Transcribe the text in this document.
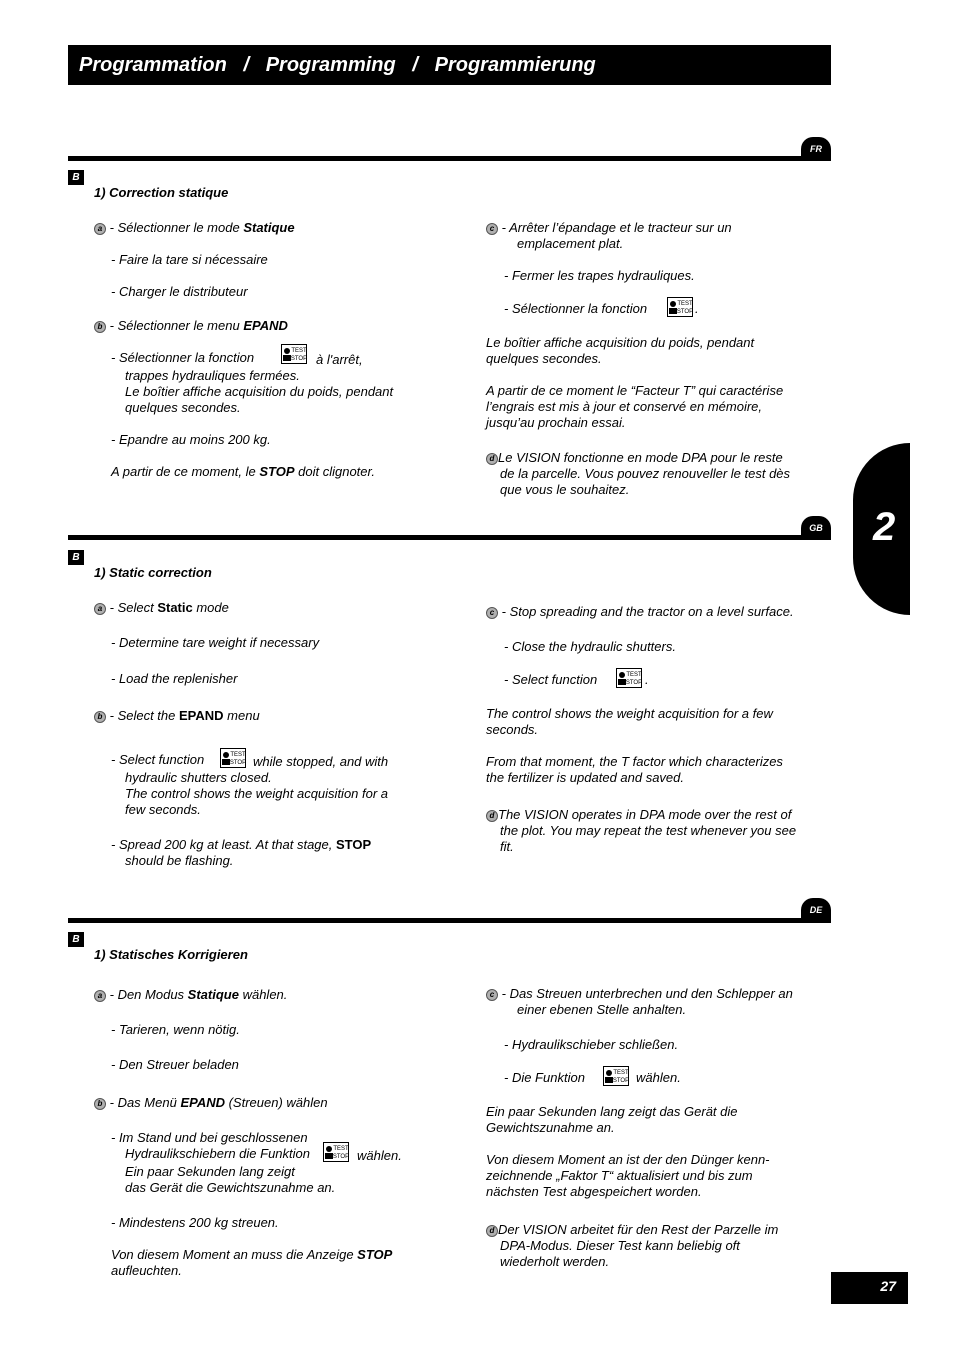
Programmation   /   Programming   /   Programmierung
2
27
FR
B
1) Correction statique
a - Sélectionner le mode Statique
- Faire la tare si nécessaire
- Charger le distributeur
b - Sélectionner le menu EPAND
- Sélectionner la fonction	TEST
STOP à l'arrêt,
trappes hydrauliques fermées.
Le boîtier affiche acquisition du poids, pendant
quelques secondes.
- Epandre au moins 200 kg.
A partir de ce moment, le STOP doit clignoter.
c - Arrêter l’épandage et le tracteur sur un
emplacement plat.
- Fermer les trapes hydrauliques.
- Sélectionner la fonction	TEST
STOP .
Le boîtier affiche acquisition du poids, pendant
quelques secondes.
A partir de ce moment le “Facteur T” qui caractérise
l’engrais est mis à jour et conservé en mémoire,
jusqu’au prochain essai.
d Le VISION fonctionne en mode DPA pour le reste
de la parcelle. Vous pouvez renouveller le test dès
que vous le souhaitez.
GB
B
1) Static correction
a - Select Static mode
- Determine tare weight if necessary
- Load the replenisher
b - Select the EPAND menu
- Select function	TEST
STOP while stopped, and with
hydraulic shutters closed.
The control shows the weight acquisition for a
few seconds.
- Spread 200 kg at least. At that stage, STOP
should be flashing.
c - Stop spreading and the tractor on a level surface.
- Close the hydraulic shutters.
- Select function	TEST
STOP .
The control shows the weight acquisition for a few
seconds.
From that moment, the T factor which characterizes
the fertilizer is updated and saved.
d The VISION operates in DPA mode over the rest of
the plot. You may repeat the test whenever you see
fit.
DE
B
1) Statisches Korrigieren
a - Den Modus Statique wählen.
- Tarieren, wenn nötig.
- Den Streuer beladen
b - Das Menü EPAND (Streuen) wählen
- Im Stand und bei geschlossenen
Hydraulikschiebern die Funktion	TEST
STOP wählen.
Ein paar Sekunden lang zeigt
das Gerät die Gewichtszunahme an.
- Mindestens 200 kg streuen.
Von diesem Moment an muss die Anzeige STOP
aufleuchten.
c - Das Streuen unterbrechen und den Schlepper an
einer ebenen Stelle anhalten.
- Hydraulikschieber schließen.
- Die Funktion	TEST
STOP wählen.
Ein paar Sekunden lang zeigt das Gerät die
Gewichtszunahme an.
Von diesem Moment an ist der den Dünger kenn-
zeichnende „Faktor T“ aktualisiert und bis zum
nächsten Test abgespeichert worden.
d Der VISION arbeitet für den Rest der Parzelle im
DPA-Modus. Dieser Test kann beliebig oft
wiederholt werden.
